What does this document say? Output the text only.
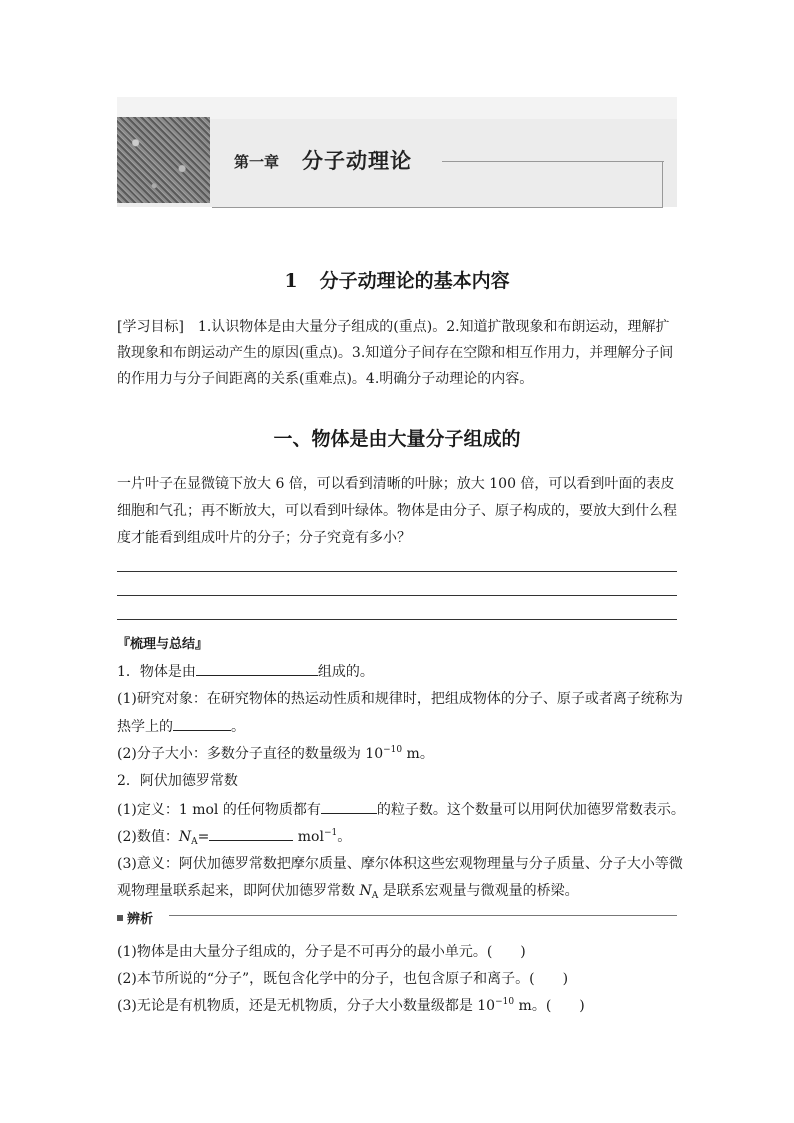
第一章 分子动理论
1 分子动理论的基本内容
[学习目标]　1.认识物体是由大量分子组成的(重点)。2.知道扩散现象和布朗运动，理解扩散现象和布朗运动产生的原因(重点)。3.知道分子间存在空隙和相互作用力，并理解分子间的作用力与分子间距离的关系(重难点)。4.明确分子动理论的内容。
一、物体是由大量分子组成的
一片叶子在显微镜下放大 6 倍，可以看到清晰的叶脉；放大 100 倍，可以看到叶面的表皮细胞和气孔；再不断放大，可以看到叶绿体。物体是由分子、原子构成的，要放大到什么程度才能看到组成叶片的分子；分子究竟有多小？
『梳理与总结』
1．物体是由	组成的。
(1)研究对象：在研究物体的热运动性质和规律时，把组成物体的分子、原子或者离子统称为
热学上的	。
(2)分子大小：多数分子直径的数量级为 $10^{-10}$ m。
2．阿伏加德罗常数
(1)定义：1 mol 的任何物质都有	的粒子数。这个数量可以用阿伏加德罗常数表示。
(2)数值：$N_A=$	mol$^{-1}$。
(3)意义：阿伏加德罗常数把摩尔质量、摩尔体积这些宏观物理量与分子质量、分子大小等微
观物理量联系起来，即阿伏加德罗常数 $N_A$ 是联系宏观量与微观量的桥梁。
辨析
(1)物体是由大量分子组成的，分子是不可再分的最小单元。(　　)
(2)本节所说的“分子”，既包含化学中的分子，也包含原子和离子。(　　)
(3)无论是有机物质，还是无机物质，分子大小数量级都是 $10^{-10}$ m。(　　)
